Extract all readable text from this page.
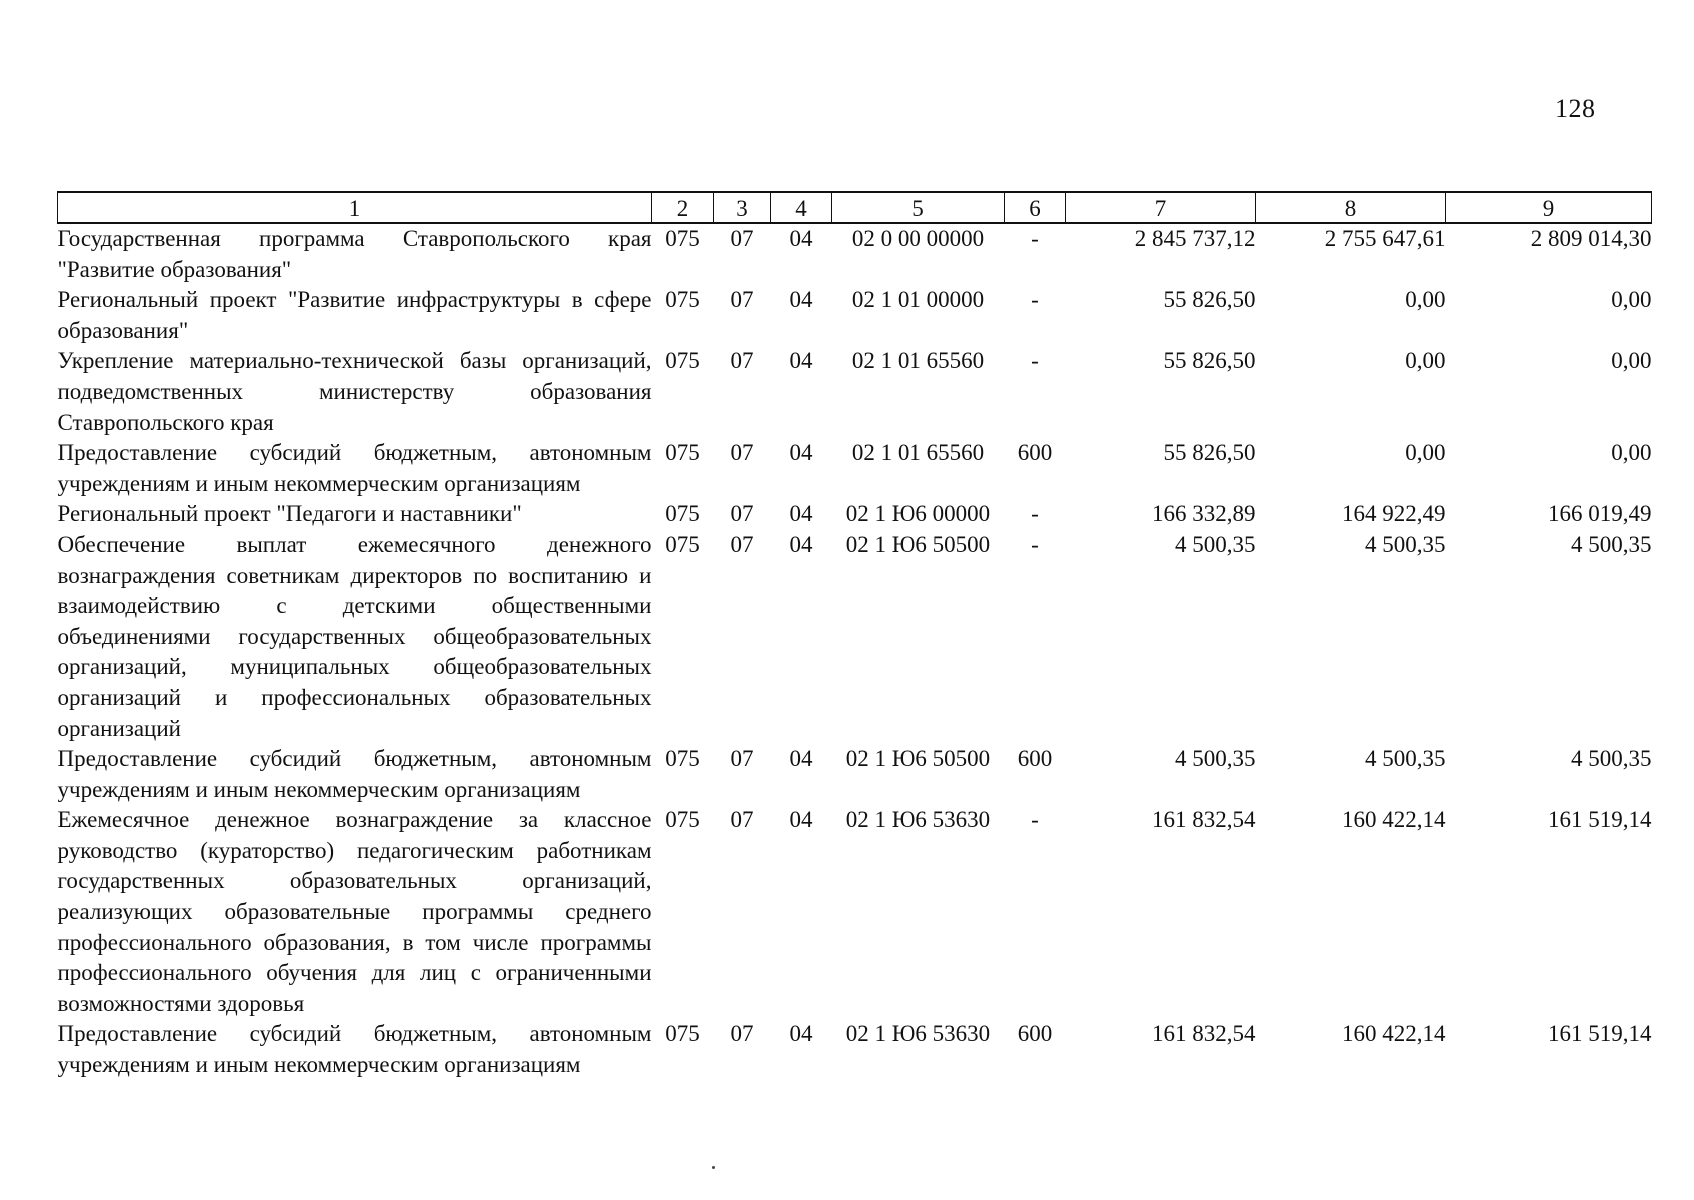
128
1	2	3	4	5	6	7	8	9
Государственная программа Ставропольского края "Развитие образования"	075	07	04	02 0 00 00000	-	2 845 737,12	2 755 647,61	2 809 014,30
Региональный проект "Развитие инфраструктуры в сфере образования"	075	07	04	02 1 01 00000	-	55 826,50	0,00	0,00
Укрепление материально-технической базы организаций, подведомственных министерству образования Ставропольского края	075	07	04	02 1 01 65560	-	55 826,50	0,00	0,00
Предоставление субсидий бюджетным, автономным учреждениям и иным некоммерческим организациям	075	07	04	02 1 01 65560	600	55 826,50	0,00	0,00
Региональный проект "Педагоги и наставники"	075	07	04	02 1 Ю6 00000	-	166 332,89	164 922,49	166 019,49
Обеспечение выплат ежемесячного денежного вознаграждения советникам директоров по воспитанию и взаимодействию с детскими общественными объединениями государственных общеобразовательных организаций, муниципальных общеобразовательных организаций и профессиональных образовательных организаций	075	07	04	02 1 Ю6 50500	-	4 500,35	4 500,35	4 500,35
Предоставление субсидий бюджетным, автономным учреждениям и иным некоммерческим организациям	075	07	04	02 1 Ю6 50500	600	4 500,35	4 500,35	4 500,35
Ежемесячное денежное вознаграждение за классное руководство (кураторство) педагогическим работникам государственных образовательных организаций, реализующих образовательные программы среднего профессионального образования, в том числе программы профессионального обучения для лиц с ограниченными возможностями здоровья	075	07	04	02 1 Ю6 53630	-	161 832,54	160 422,14	161 519,14
Предоставление субсидий бюджетным, автономным учреждениям и иным некоммерческим организациям	075	07	04	02 1 Ю6 53630	600	161 832,54	160 422,14	161 519,14
